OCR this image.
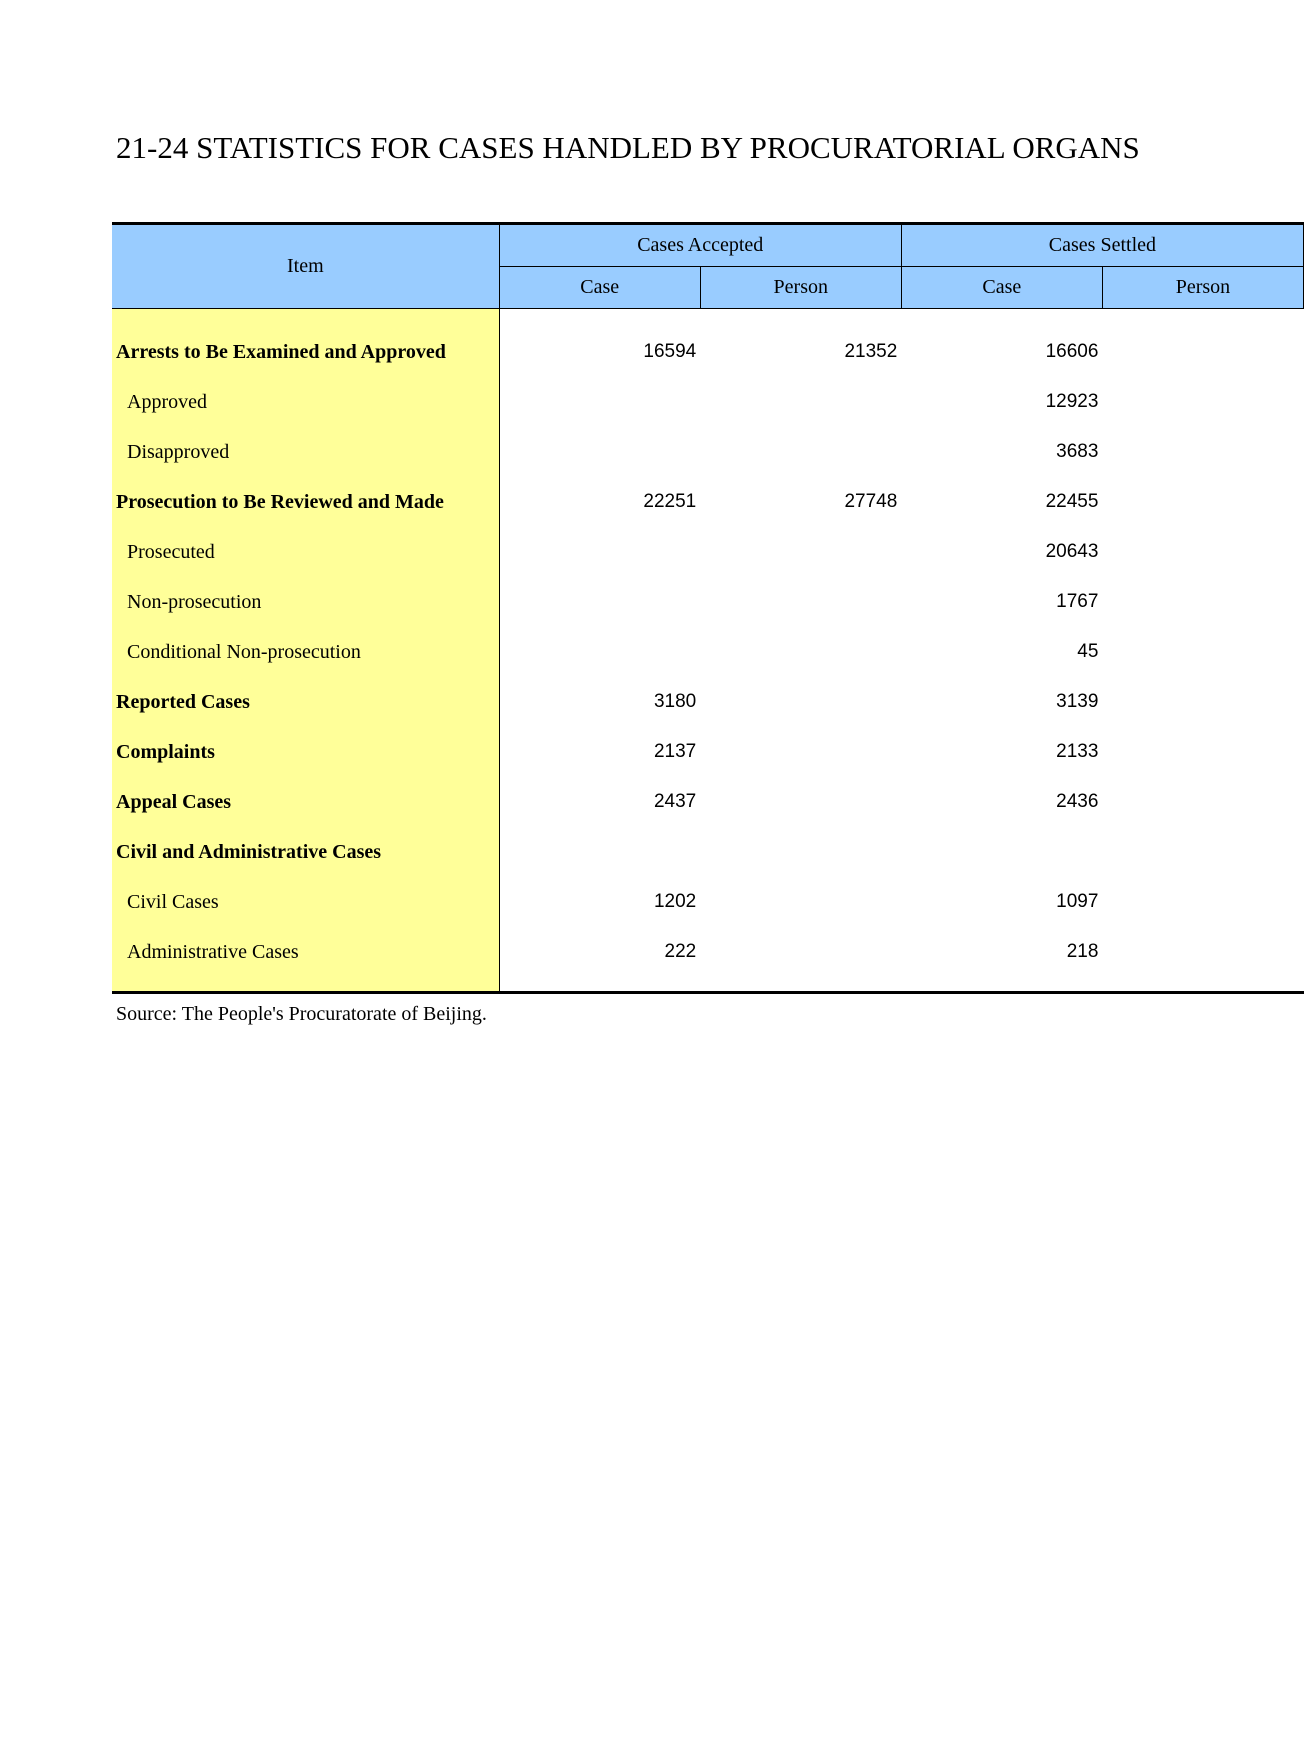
21-24 STATISTICS FOR CASES HANDLED BY PROCURATORIAL ORGANS
Item	Cases Accepted		Cases Settled	
	Case	Person	Case	Person

Arrests to Be Examined and Approved	16594	21352	16606	
Approved			12923	
Disapproved			3683	
Prosecution to Be Reviewed and Made	22251	27748	22455	
Prosecuted			20643	
Non-prosecution			1767	
Conditional Non-prosecution			45	
Reported Cases	3180		3139	
Complaints	2137		2133	
Appeal Cases	2437		2436	
Civil and Administrative Cases				
Civil Cases	1202		1097	
Administrative Cases	222		218	

Source: The People's Procuratorate of Beijing.
